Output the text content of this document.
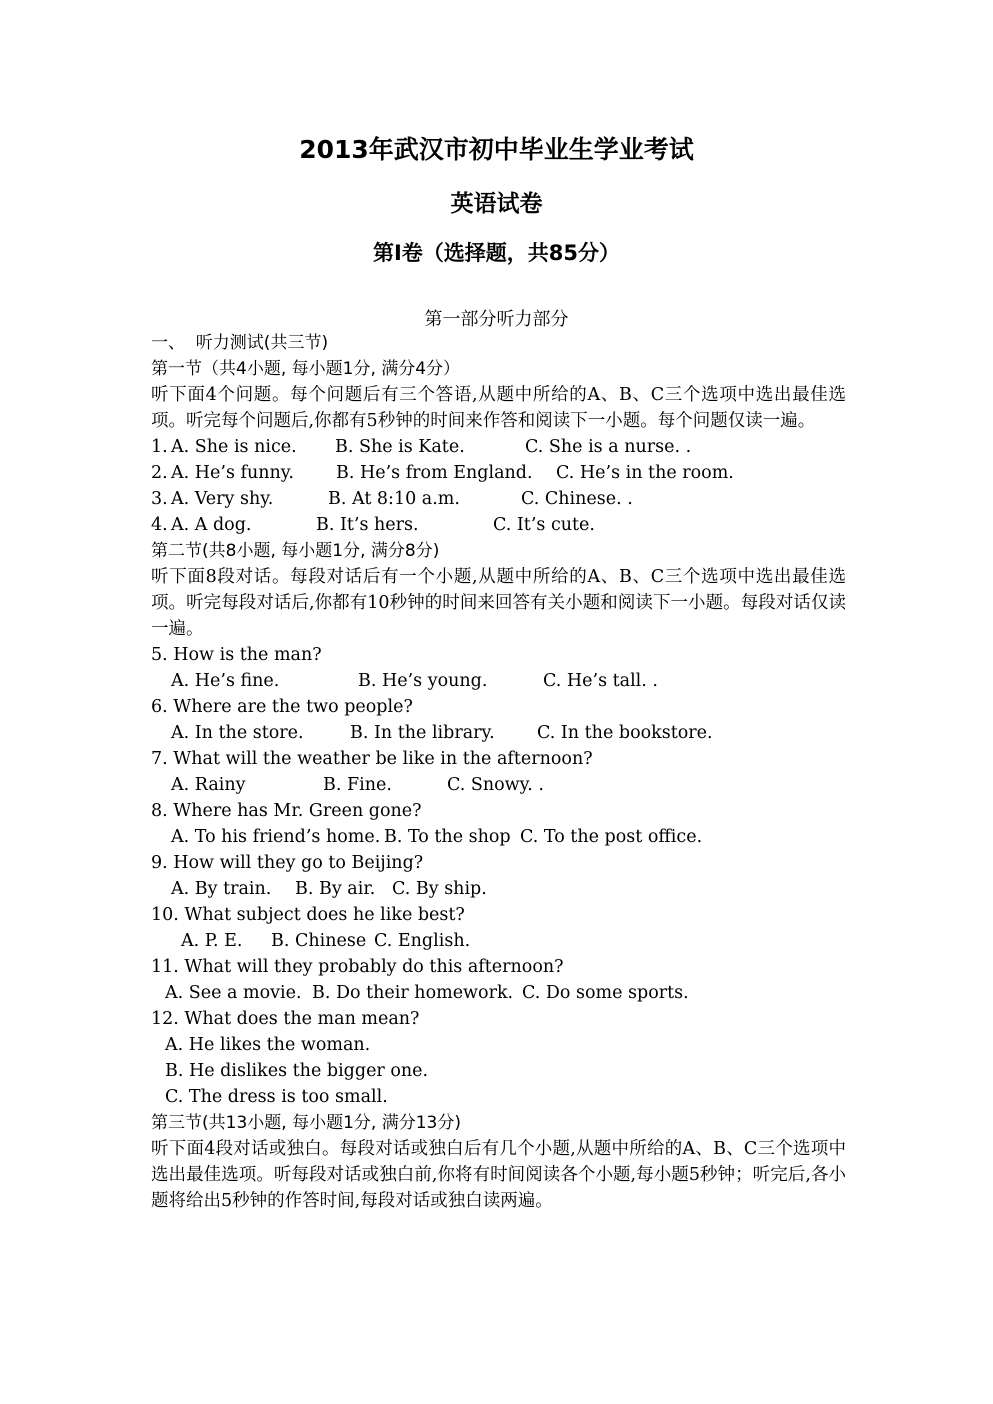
2013年武汉市初中毕业生学业考试
英语试卷
第Ⅰ卷（选择题，共85分）
第一部分听力部分
一、  听力测试(共三节)
第一节（共4小题, 每小题1分, 满分4分）
听下面4个问题。每个问题后有三个答语,从题中所给的A、B、C三个选项中选出最佳选项。听完每个问题后,你都有5秒钟的时间来作答和阅读下一小题。每个问题仅读一遍。
1. A. She is nice.	B. She is Kate.	C. She is a nurse. .
2. A. He’s funny.	B. He’s from England.	C. He’s in the room.
3. A. Very shy.	B. At 8:10 a.m.	C. Chinese. .
4. A. A dog.	B. It’s hers.	C. It’s cute.
第二节(共8小题, 每小题1分, 满分8分)
听下面8段对话。每段对话后有一个小题,从题中所给的A、B、C三个选项中选出最佳选项。听完每段对话后,你都有10秒钟的时间来回答有关小题和阅读下一小题。每段对话仅读一遍。
5. How is the man?
A. He’s fine.	B. He’s young.	C. He’s tall. .
6. Where are the two people?
A. In the store.	B. In the library.	C. In the bookstore.
7. What will the weather be like in the afternoon?
A. Rainy	B. Fine.	C. Snowy. .
8. Where has Mr. Green gone?
A. To his friend’s home. B. To the shop C. To the post office.
9. How will they go to Beijing?
A. By train.	B. By air. C. By ship.
10. What subject does he like best?
A. P. E.	B. Chinese C. English.
11. What will they probably do this afternoon?
A. See a movie. B. Do their homework. C. Do some sports.
12. What does the man mean?
A. He likes the woman.
B. He dislikes the bigger one.
C. The dress is too small.
第三节(共13小题, 每小题1分, 满分13分)
听下面4段对话或独白。每段对话或独白后有几个小题,从题中所给的A、B、C三个选项中选出最佳选项。听每段对话或独白前,你将有时间阅读各个小题,每小题5秒钟；听完后,各小题将给出5秒钟的作答时间,每段对话或独白读两遍。
